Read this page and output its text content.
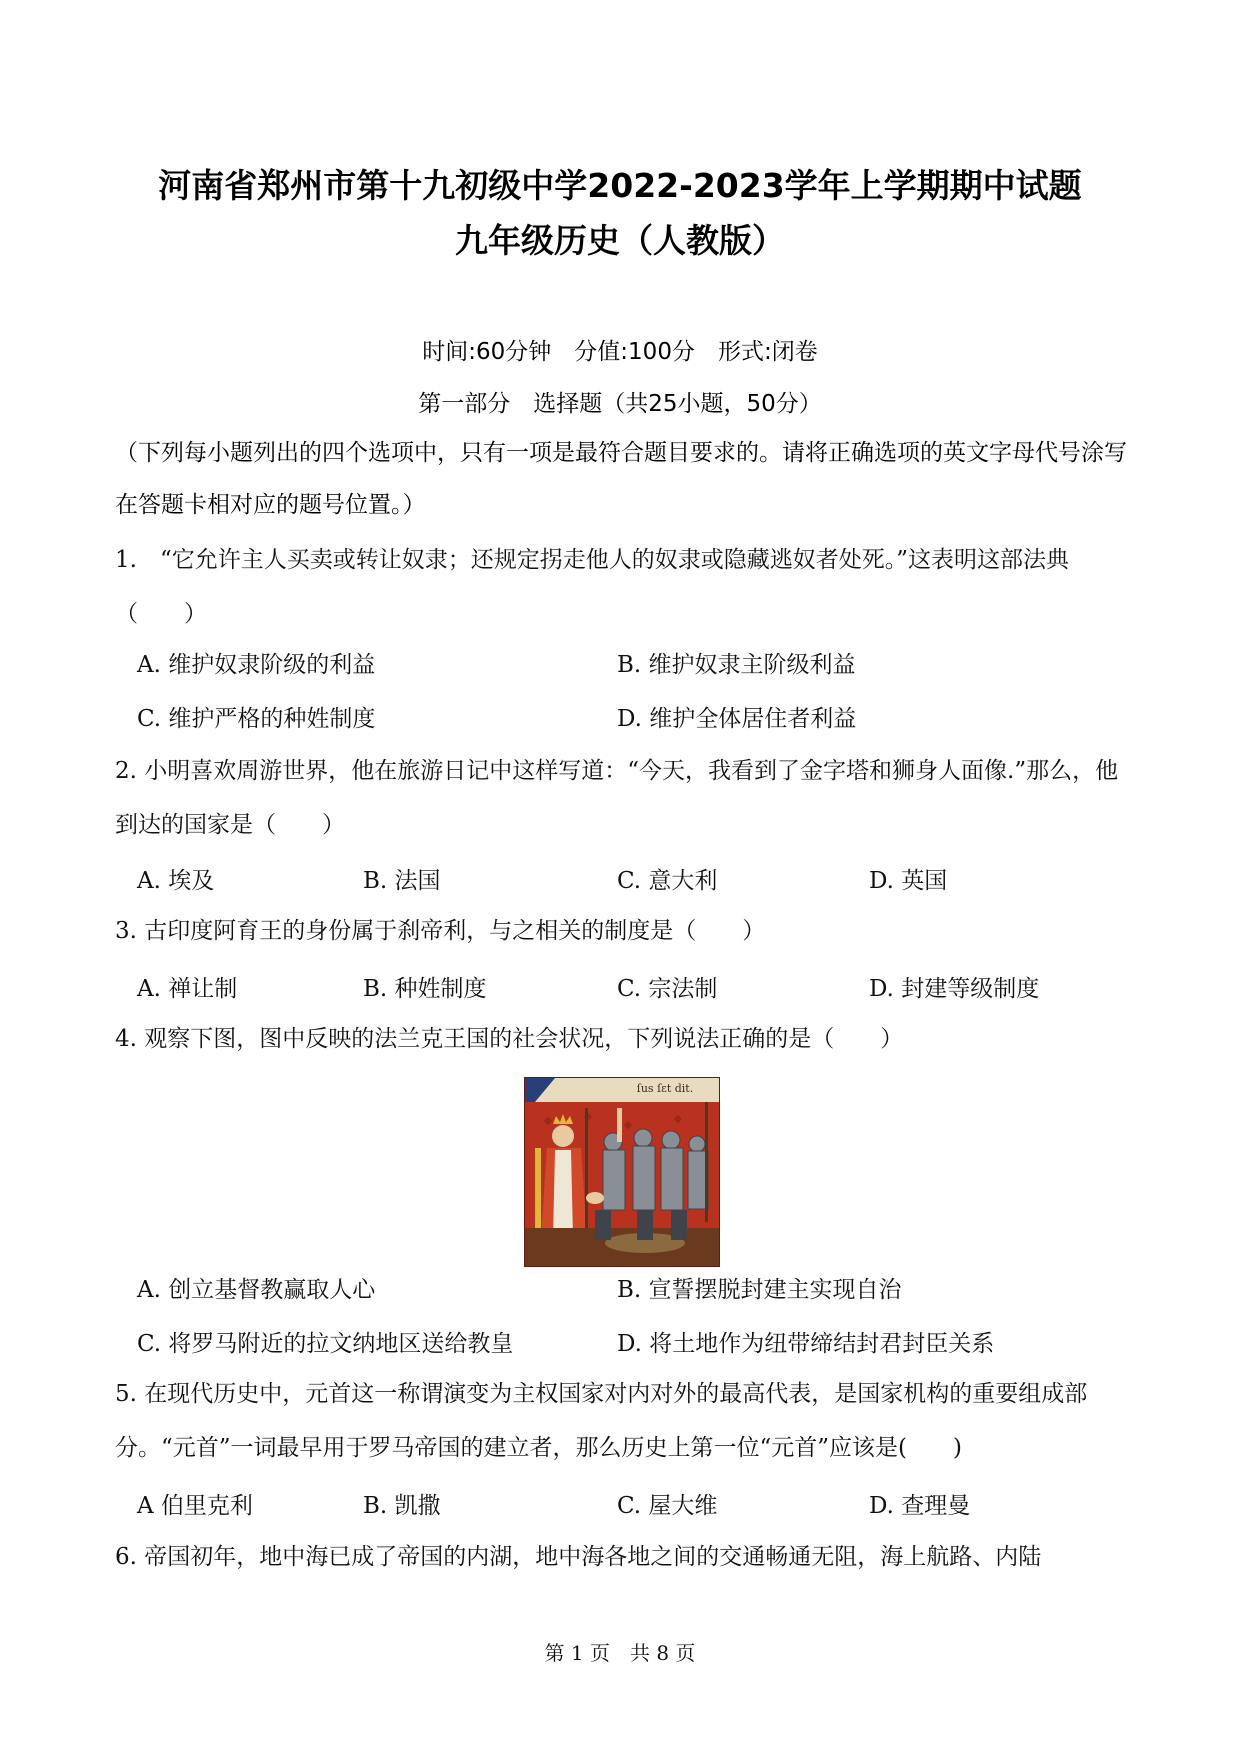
河南省郑州市第十九初级中学2022-2023学年上学期期中试题
九年级历史（人教版）
时间:60分钟　分值:100分　形式:闭卷
第一部分　选择题（共25小题，50分）
（下列每小题列出的四个选项中，只有一项是最符合题目要求的。请将正确选项的英文字母代号涂写在答题卡相对应的题号位置。）
1.　“它允许主人买卖或转让奴隶；还规定拐走他人的奴隶或隐藏逃奴者处死。”这表明这部法典（　　）
A. 维护奴隶阶级的利益	B. 维护奴隶主阶级利益
C. 维护严格的种姓制度	D. 维护全体居住者利益
2. 小明喜欢周游世界，他在旅游日记中这样写道：“今天，我看到了金字塔和狮身人面像.”那么，他到达的国家是（　　）
A. 埃及	B. 法国	C. 意大利	D. 英国
3. 古印度阿育王的身份属于刹帝利，与之相关的制度是（　　）
A. 禅让制	B. 种姓制度	C. 宗法制	D. 封建等级制度
4. 观察下图，图中反映的法兰克王国的社会状况，下列说法正确的是（　　）
ſus ſɛt dit.
A. 创立基督教赢取人心	B. 宣誓摆脱封建主实现自治
C. 将罗马附近的拉文纳地区送给教皇	D. 将土地作为纽带缔结封君封臣关系
5. 在现代历史中，元首这一称谓演变为主权国家对内对外的最高代表，是国家机构的重要组成部分。“元首”一词最早用于罗马帝国的建立者，那么历史上第一位“元首”应该是(　　)
A 伯里克利	B. 凯撒	C. 屋大维	D. 查理曼
6. 帝国初年，地中海已成了帝国的内湖，地中海各地之间的交通畅通无阻，海上航路、内陆
第 1 页　共 8 页
